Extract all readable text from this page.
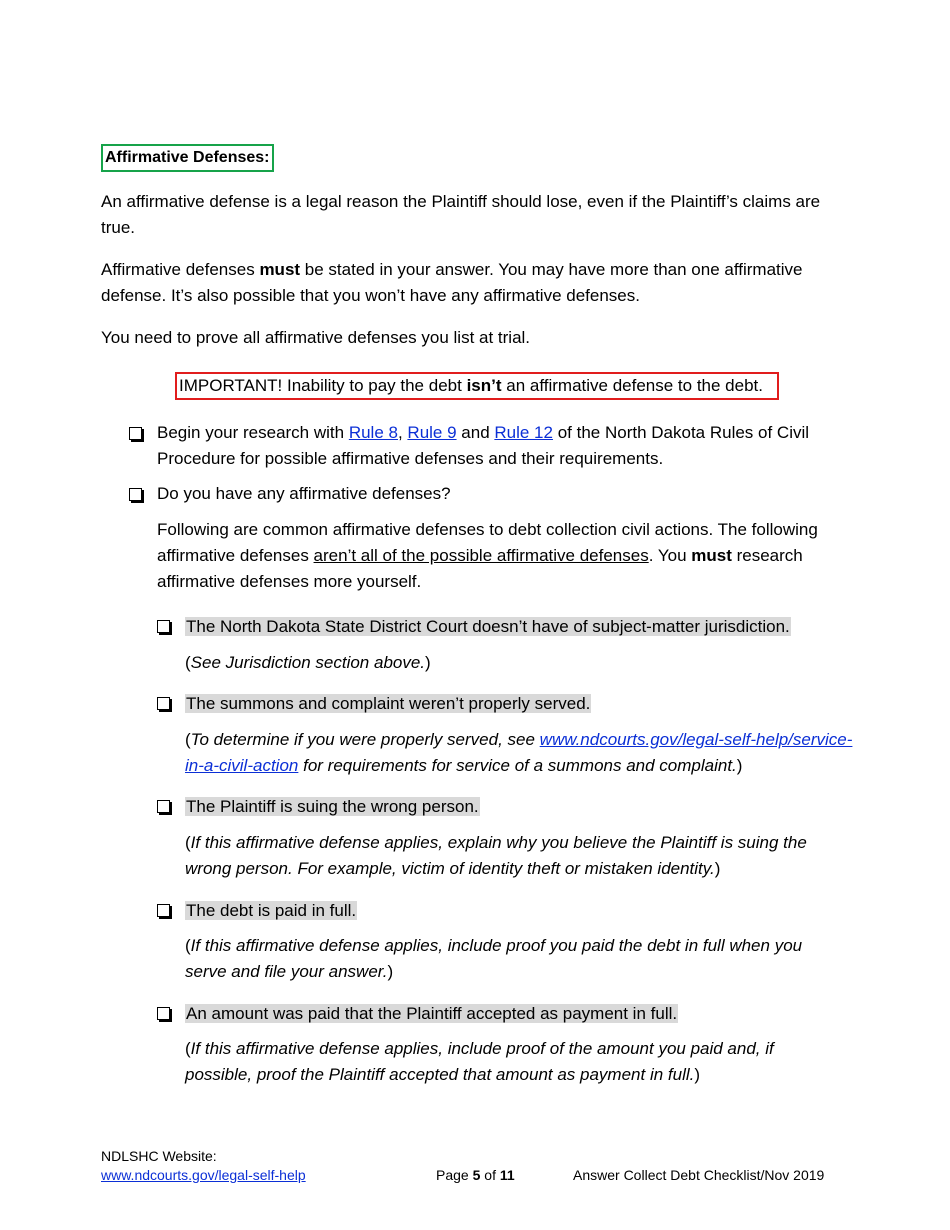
Affirmative Defenses:

An affirmative defense is a legal reason the Plaintiff should lose, even if the Plaintiff’s claims are true.

Affirmative defenses must be stated in your answer. You may have more than one affirmative defense. It’s also possible that you won’t have any affirmative defenses.

You need to prove all affirmative defenses you list at trial.

IMPORTANT! Inability to pay the debt isn’t an affirmative defense to the debt.

Begin your research with Rule 8, Rule 9 and Rule 12 of the North Dakota Rules of Civil Procedure for possible affirmative defenses and their requirements.

Do you have any affirmative defenses?

Following are common affirmative defenses to debt collection civil actions. The following affirmative defenses aren’t all of the possible affirmative defenses. You must research affirmative defenses more yourself.

The North Dakota State District Court doesn’t have of subject-matter jurisdiction.

(See Jurisdiction section above.)

The summons and complaint weren’t properly served.

(To determine if you were properly served, see www.ndcourts.gov/legal-self-help/service-in-a-civil-action for requirements for service of a summons and complaint.)

The Plaintiff is suing the wrong person.

(If this affirmative defense applies, explain why you believe the Plaintiff is suing the wrong person. For example, victim of identity theft or mistaken identity.)

The debt is paid in full.

(If this affirmative defense applies, include proof you paid the debt in full when you serve and file your answer.)

An amount was paid that the Plaintiff accepted as payment in full.

(If this affirmative defense applies, include proof of the amount you paid and, if possible, proof the Plaintiff accepted that amount as payment in full.)

NDLSHC Website:
www.ndcourts.gov/legal-self-help	Page 5 of 11	Answer Collect Debt Checklist/Nov 2019
